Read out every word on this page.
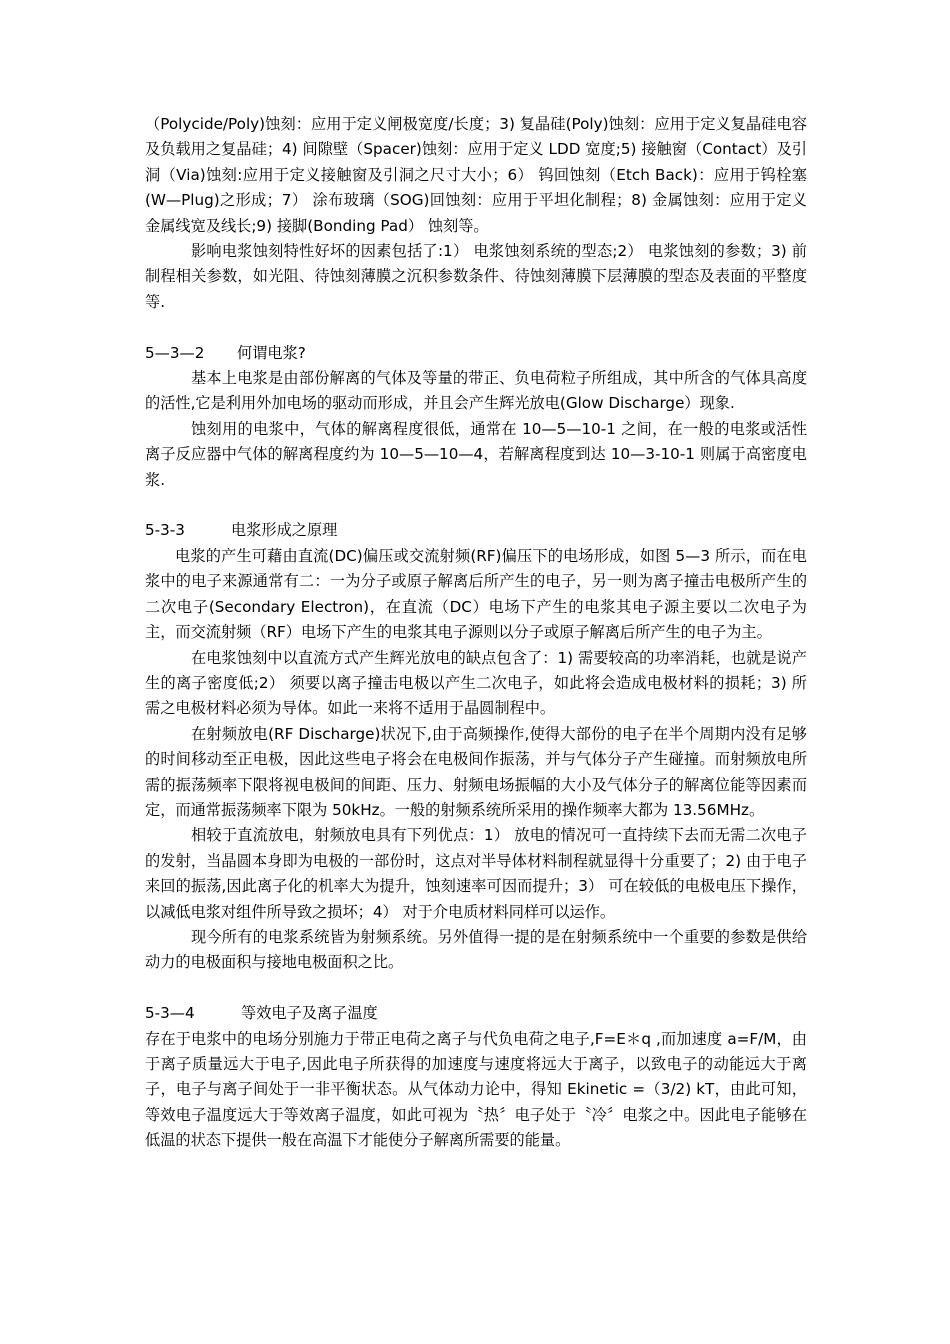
（Polycide/Poly)蚀刻：应用于定义闸极宽度/长度；3) 复晶硅(Poly)蚀刻：应用于定义复晶硅电容及负载用之复晶硅；4) 间隙壁（Spacer)蚀刻：应用于定义 LDD 宽度;5) 接触窗（Contact）及引洞（Via)蚀刻:应用于定义接触窗及引洞之尺寸大小；6） 钨回蚀刻（Etch Back)：应用于钨栓塞(W—Plug)之形成；7） 涂布玻璃（SOG)回蚀刻：应用于平坦化制程；8) 金属蚀刻：应用于定义金属线宽及线长;9) 接脚(Bonding Pad） 蚀刻等。

影响电浆蚀刻特性好坏的因素包括了:1） 电浆蚀刻系统的型态;2） 电浆蚀刻的参数；3) 前制程相关参数，如光阻、待蚀刻薄膜之沉积参数条件、待蚀刻薄膜下层薄膜的型态及表面的平整度等.

5—3—2 何谓电浆?

基本上电浆是由部份解离的气体及等量的带正、负电荷粒子所组成，其中所含的气体具高度的活性,它是利用外加电场的驱动而形成，并且会产生辉光放电(Glow Discharge）现象.

蚀刻用的电浆中，气体的解离程度很低，通常在 10—5—10-1 之间，在一般的电浆或活性离子反应器中气体的解离程度约为 10—5—10—4，若解离程度到达 10—3-10-1 则属于高密度电浆.

5-3-3	电浆形成之原理

电浆的产生可藉由直流(DC)偏压或交流射频(RF)偏压下的电场形成，如图 5—3 所示，而在电浆中的电子来源通常有二：一为分子或原子解离后所产生的电子，另一则为离子撞击电极所产生的二次电子(Secondary Electron)，在直流（DC）电场下产生的电浆其电子源主要以二次电子为主，而交流射频（RF）电场下产生的电浆其电子源则以分子或原子解离后所产生的电子为主。

在电浆蚀刻中以直流方式产生辉光放电的缺点包含了：1) 需要较高的功率消耗，也就是说产生的离子密度低;2） 须要以离子撞击电极以产生二次电子，如此将会造成电极材料的损耗；3) 所需之电极材料必须为导体。如此一来将不适用于晶圆制程中。

在射频放电(RF Discharge)状况下,由于高频操作,使得大部份的电子在半个周期内没有足够的时间移动至正电极，因此这些电子将会在电极间作振荡，并与气体分子产生碰撞。而射频放电所需的振荡频率下限将视电极间的间距、压力、射频电场振幅的大小及气体分子的解离位能等因素而定，而通常振荡频率下限为 50kHz。一般的射频系统所采用的操作频率大都为 13.56MHz。

相较于直流放电，射频放电具有下列优点：1） 放电的情况可一直持续下去而无需二次电子的发射，当晶圆本身即为电极的一部份时，这点对半导体材料制程就显得十分重要了；2) 由于电子来回的振荡,因此离子化的机率大为提升，蚀刻速率可因而提升；3） 可在较低的电极电压下操作，以减低电浆对组件所导致之损坏；4） 对于介电质材料同样可以运作。

现今所有的电浆系统皆为射频系统。另外值得一提的是在射频系统中一个重要的参数是供给动力的电极面积与接地电极面积之比。

5-3—4	等效电子及离子温度

存在于电浆中的电场分别施力于带正电荷之离子与代负电荷之电子,F=E＊q ,而加速度 a=F/M，由于离子质量远大于电子,因此电子所获得的加速度与速度将远大于离子，以致电子的动能远大于离子，电子与离子间处于一非平衡状态。从气体动力论中，得知 Ekinetic =（3/2) kT，由此可知，等效电子温度远大于等效离子温度，如此可视为〝热〞电子处于〝冷〞电浆之中。因此电子能够在低温的状态下提供一般在高温下才能使分子解离所需要的能量。
